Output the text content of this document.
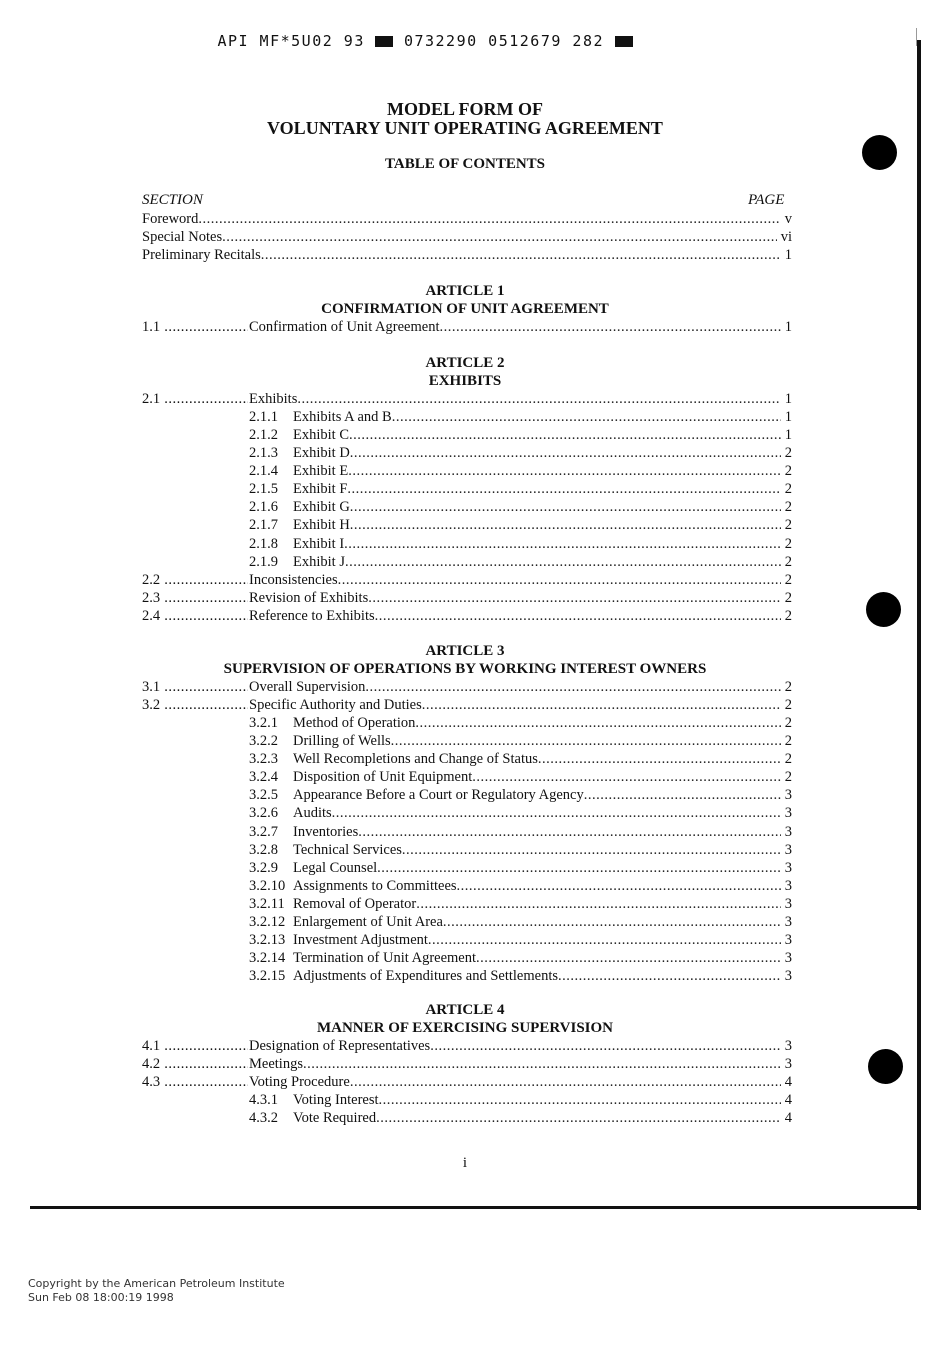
API MF*5U02 93	0732290 0512679 282
MODEL FORM OF
VOLUNTARY UNIT OPERATING AGREEMENT
TABLE OF CONTENTS
SECTION	PAGE
Foreword .....	v
Special Notes .....	vi
Preliminary Recitals .....	1
ARTICLE 1
CONFIRMATION OF UNIT AGREEMENT
1.1 .....	Confirmation of Unit Agreement .....	1
ARTICLE 2
EXHIBITS
2.1 .....	Exhibits .....	1
2.1.1 Exhibits A and B .....	1
2.1.2 Exhibit C .....	1
2.1.3 Exhibit D .....	2
2.1.4 Exhibit E .....	2
2.1.5 Exhibit F .....	2
2.1.6 Exhibit G .....	2
2.1.7 Exhibit H .....	2
2.1.8 Exhibit I .....	2
2.1.9 Exhibit J .....	2
2.2 .....	Inconsistencies .....	2
2.3 .....	Revision of Exhibits .....	2
2.4 .....	Reference to Exhibits .....	2
ARTICLE 3
SUPERVISION OF OPERATIONS BY WORKING INTEREST OWNERS
3.1 .....	Overall Supervision .....	2
3.2 .....	Specific Authority and Duties .....	2
3.2.1 Method of Operation .....	2
3.2.2 Drilling of Wells .....	2
3.2.3 Well Recompletions and Change of Status .....	2
3.2.4 Disposition of Unit Equipment .....	2
3.2.5 Appearance Before a Court or Regulatory Agency .....	3
3.2.6 Audits .....	3
3.2.7 Inventories .....	3
3.2.8 Technical Services .....	3
3.2.9 Legal Counsel .....	3
3.2.10 Assignments to Committees .....	3
3.2.11 Removal of Operator .....	3
3.2.12 Enlargement of Unit Area .....	3
3.2.13 Investment Adjustment .....	3
3.2.14 Termination of Unit Agreement .....	3
3.2.15 Adjustments of Expenditures and Settlements .....	3
ARTICLE 4
MANNER OF EXERCISING SUPERVISION
4.1 .....	Designation of Representatives .....	3
4.2 .....	Meetings .....	3
4.3 .....	Voting Procedure .....	4
4.3.1 Voting Interest .....	4
4.3.2 Vote Required .....	4
i
Copyright by the American Petroleum Institute
Sun Feb 08 18:00:19 1998
